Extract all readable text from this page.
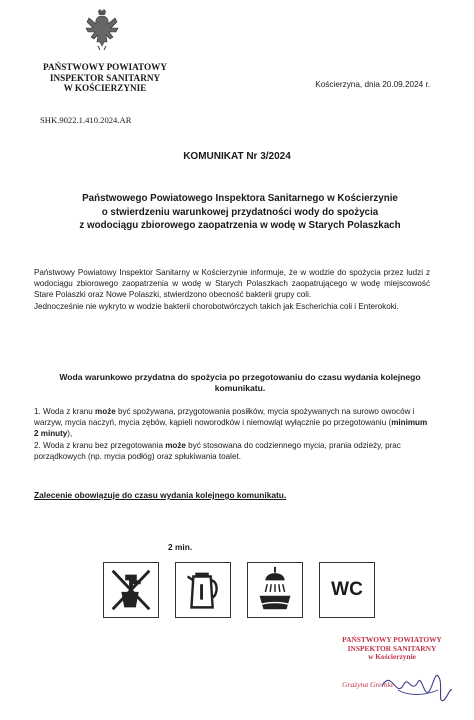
PAŃSTWOWY POWIATOWY
INSPEKTOR SANITARNY
W KOŚCIERZYNIE	Kościerzyna, dnia 20.09.2024 r.
SHK.9022.1.410.2024.AR
KOMUNIKAT Nr 3/2024
Państwowego Powiatowego Inspektora Sanitarnego w Kościerzynie
o stwierdzeniu warunkowej przydatności wody do spożycia
z wodociągu zbiorowego zaopatrzenia w wodę w Starych Polaszkach

Państwowy Powiatowy Inspektor Sanitarny w Kościerzynie informuje, że w wodzie do spożycia przez ludzi z wodociągu zbiorowego zaopatrzenia w wodę w Starych Polaszkach zaopatrującego w wodę miejscowość Stare Polaszki oraz Nowe Polaszki, stwierdzono obecność bakterii grupy coli.

Jednocześnie nie wykryto w wodzie bakterii chorobotwórczych takich jak Escherichia coli i Enterokoki.

Woda warunkowo przydatna do spożycia po przegotowaniu do czasu wydania kolejnego
komunikatu.

1. Woda z kranu może być spożywana, przygotowania posiłków, mycia spożywanych na surowo owoców i warzyw, mycia naczyń, mycia zębów, kąpieli noworodków i niemowląt wyłącznie po przegotowaniu (minimum 2 minuty),

2. Woda z kranu bez przegotowania może być stosowana do codziennego mycia, prania odzieży, prac porządkowych (np. mycia podłóg) oraz spłukiwania toalet.

Zalecenie obowiązuje do czasu wydania kolejnego komunikatu.
2 min.
WC
PAŃSTWOWY POWIATOWY
INSPEKTOR SANITARNY
w Kościerzynie
Grażyna Greinke
